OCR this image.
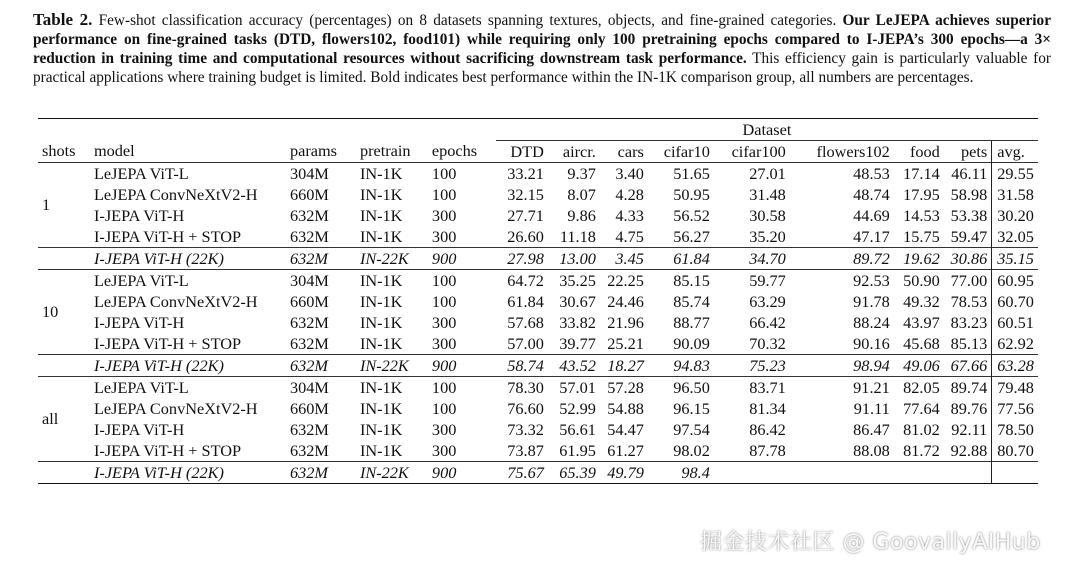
Table 2. Few-shot classification accuracy (percentages) on 8 datasets spanning textures, objects, and fine-grained categories. Our LeJEPA achieves superior performance on fine-grained tasks (DTD, flowers102, food101) while requiring only 100 pretraining epochs compared to I-JEPA’s 300 epochs—a 3× reduction in training time and computational resources without sacrificing downstream task performance. This efficiency gain is particularly valuable for practical applications where training budget is limited. Bold indicates best performance within the IN-1K comparison group, all numbers are percentages.
					Dataset								
shots	model	params	pretrain	epochs	DTD	aircr.	cars	cifar10	cifar100	flowers102	food	pets	avg.
1	LeJEPA ViT-L	304M	IN-1K	100	33.21	9.37	3.40	51.65	27.01	48.53	17.14	46.11	29.55
	LeJEPA ConvNeXtV2-H	660M	IN-1K	100	32.15	8.07	4.28	50.95	31.48	48.74	17.95	58.98	31.58
	I-JEPA ViT-H	632M	IN-1K	300	27.71	9.86	4.33	56.52	30.58	44.69	14.53	53.38	30.20
	I-JEPA ViT-H + STOP	632M	IN-1K	300	26.60	11.18	4.75	56.27	35.20	47.17	15.75	59.47	32.05
	I-JEPA ViT-H (22K)	632M	IN-22K	900	27.98	13.00	3.45	61.84	34.70	89.72	19.62	30.86	35.15
10	LeJEPA ViT-L	304M	IN-1K	100	64.72	35.25	22.25	85.15	59.77	92.53	50.90	77.00	60.95
	LeJEPA ConvNeXtV2-H	660M	IN-1K	100	61.84	30.67	24.46	85.74	63.29	91.78	49.32	78.53	60.70
	I-JEPA ViT-H	632M	IN-1K	300	57.68	33.82	21.96	88.77	66.42	88.24	43.97	83.23	60.51
	I-JEPA ViT-H + STOP	632M	IN-1K	300	57.00	39.77	25.21	90.09	70.32	90.16	45.68	85.13	62.92
	I-JEPA ViT-H (22K)	632M	IN-22K	900	58.74	43.52	18.27	94.83	75.23	98.94	49.06	67.66	63.28
all	LeJEPA ViT-L	304M	IN-1K	100	78.30	57.01	57.28	96.50	83.71	91.21	82.05	89.74	79.48
	LeJEPA ConvNeXtV2-H	660M	IN-1K	100	76.60	52.99	54.88	96.15	81.34	91.11	77.64	89.76	77.56
	I-JEPA ViT-H	632M	IN-1K	300	73.32	56.61	54.47	97.54	86.42	86.47	81.02	92.11	78.50
	I-JEPA ViT-H + STOP	632M	IN-1K	300	73.87	61.95	61.27	98.02	87.78	88.08	81.72	92.88	80.70
	I-JEPA ViT-H (22K)	632M	IN-22K	900	75.67	65.39	49.79	98.4					
掘金技术社区 @ GoovallyAIHub
